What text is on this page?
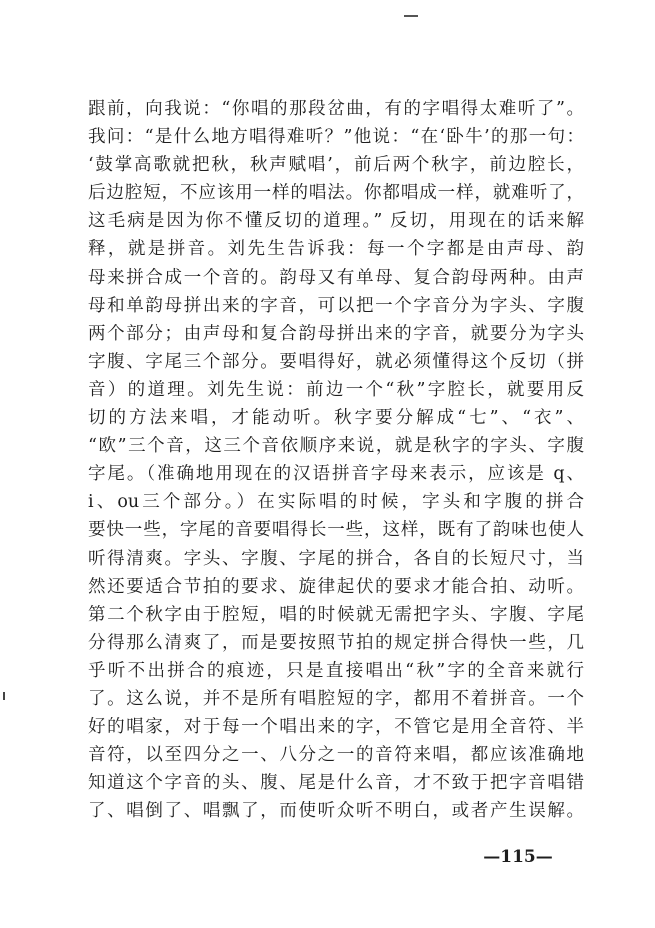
跟前，向我说：“你唱的那段岔曲，有的字唱得太难听了”。
我问：“是什么地方唱得难听？”他说：“在‘卧牛’的那一句：
‘鼓掌高歌就把秋，秋声赋唱’，前后两个秋字，前边腔长，
后边腔短，不应该用一样的唱法。你都唱成一样，就难听了，
这毛病是因为你不懂反切的道理。” 反切，用现在的话来解
释，就是拼音。刘先生告诉我：每一个字都是由声母、韵
母来拼合成一个音的。韵母又有单母、复合韵母两种。由声
母和单韵母拼出来的字音，可以把一个字音分为字头、字腹
两个部分；由声母和复合韵母拼出来的字音，就要分为字头
字腹、字尾三个部分。要唱得好，就必须懂得这个反切（拼
音）的道理。刘先生说：前边一个“秋”字腔长，就要用反
切的方法来唱，才能动听。秋字要分解成“七”、“衣”、
“欧”三个音，这三个音依顺序来说，就是秋字的字头、字腹
字尾。（准确地用现在的汉语拼音字母来表示，应该是 q、
i、ou三个部分。）在实际唱的时候，字头和字腹的拼合
要快一些，字尾的音要唱得长一些，这样，既有了韵味也使人
听得清爽。字头、字腹、字尾的拼合，各自的长短尺寸，当
然还要适合节拍的要求、旋律起伏的要求才能合拍、动听。
第二个秋字由于腔短，唱的时候就无需把字头、字腹、字尾
分得那么清爽了，而是要按照节拍的规定拼合得快一些，几
乎听不出拼合的痕迹，只是直接唱出“秋”字的全音来就行
了。这么说，并不是所有唱腔短的字，都用不着拼音。一个
好的唱家，对于每一个唱出来的字，不管它是用全音符、半
音符，以至四分之一、八分之一的音符来唱，都应该准确地
知道这个字音的头、腹、尾是什么音，才不致于把字音唱错
了、唱倒了、唱飘了，而使听众听不明白，或者产生误解。
—115—
